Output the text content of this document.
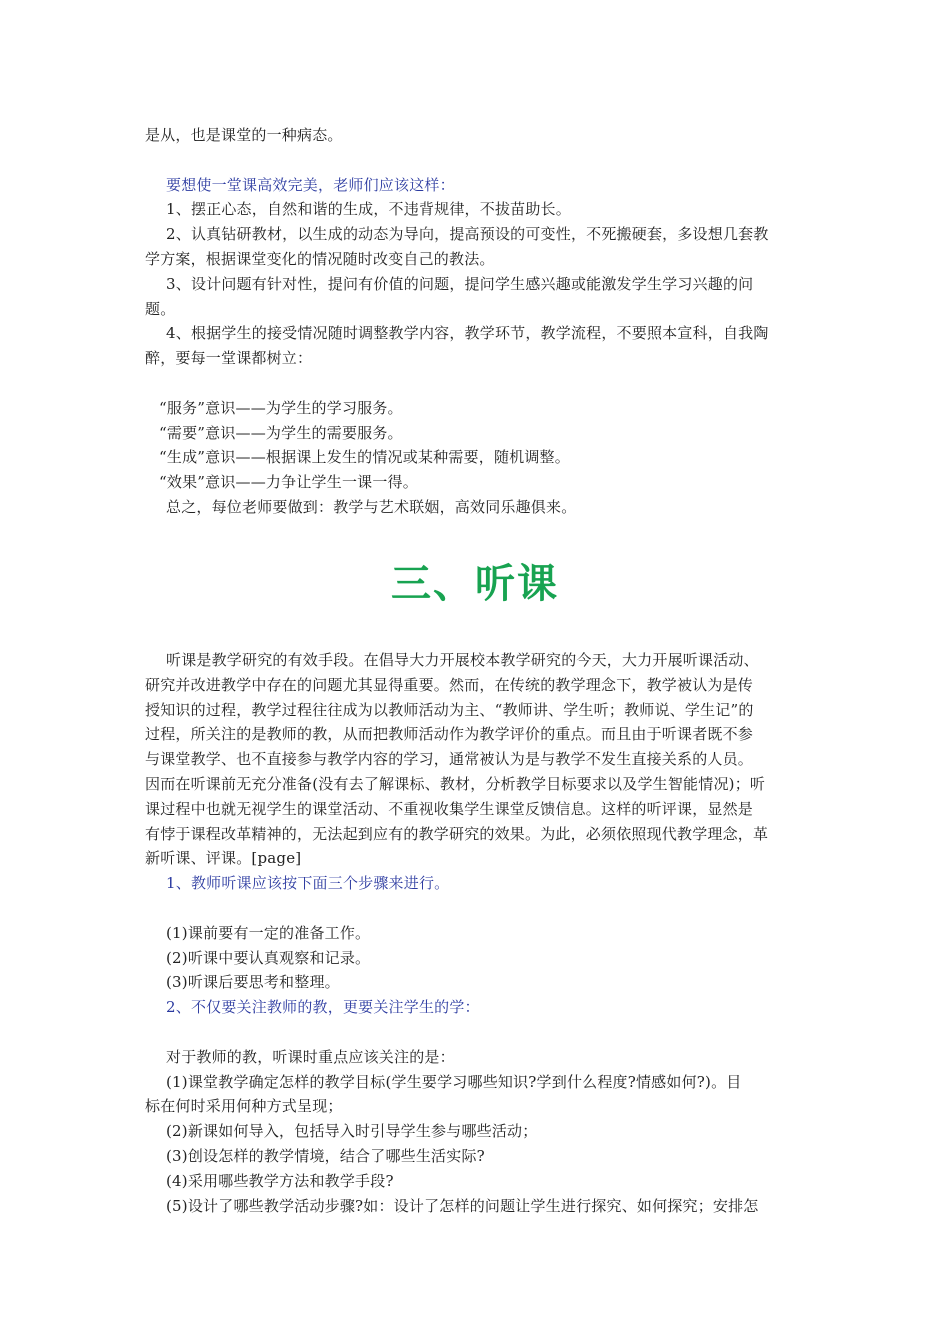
是从，也是课堂的一种病态。

要想使一堂课高效完美，老师们应该这样：
1、摆正心态，自然和谐的生成，不违背规律，不拔苗助长。
2、认真钻研教材，以生成的动态为导向，提高预设的可变性，不死搬硬套，多设想几套教
学方案，根据课堂变化的情况随时改变自己的教法。
3、设计问题有针对性，提问有价值的问题，提问学生感兴趣或能激发学生学习兴趣的问
题。
4、根据学生的接受情况随时调整教学内容，教学环节，教学流程，不要照本宣科，自我陶
醉，要每一堂课都树立：

“服务”意识——为学生的学习服务。
“需要”意识——为学生的需要服务。
“生成”意识——根据课上发生的情况或某种需要，随机调整。
“效果”意识——力争让学生一课一得。
总之，每位老师要做到：教学与艺术联姻，高效同乐趣俱来。
三、听课
听课是教学研究的有效手段。在倡导大力开展校本教学研究的今天，大力开展听课活动、
研究并改进教学中存在的问题尤其显得重要。然而，在传统的教学理念下，教学被认为是传
授知识的过程，教学过程往往成为以教师活动为主、“教师讲、学生听；教师说、学生记”的
过程，所关注的是教师的教，从而把教师活动作为教学评价的重点。而且由于听课者既不参
与课堂教学、也不直接参与教学内容的学习，通常被认为是与教学不发生直接关系的人员。
因而在听课前无充分准备(没有去了解课标、教材，分析教学目标要求以及学生智能情况)；听
课过程中也就无视学生的课堂活动、不重视收集学生课堂反馈信息。这样的听评课，显然是
有悖于课程改革精神的，无法起到应有的教学研究的效果。为此，必须依照现代教学理念，革
新听课、评课。[page]
1、教师听课应该按下面三个步骤来进行。

(1)课前要有一定的准备工作。
(2)听课中要认真观察和记录。
(3)听课后要思考和整理。
2、不仅要关注教师的教，更要关注学生的学：

对于教师的教，听课时重点应该关注的是：
(1)课堂教学确定怎样的教学目标(学生要学习哪些知识?学到什么程度?情感如何?)。目
标在何时采用何种方式呈现；
(2)新课如何导入，包括导入时引导学生参与哪些活动；
(3)创设怎样的教学情境，结合了哪些生活实际?
(4)采用哪些教学方法和教学手段?
(5)设计了哪些教学活动步骤?如：设计了怎样的问题让学生进行探究、如何探究；安排怎
